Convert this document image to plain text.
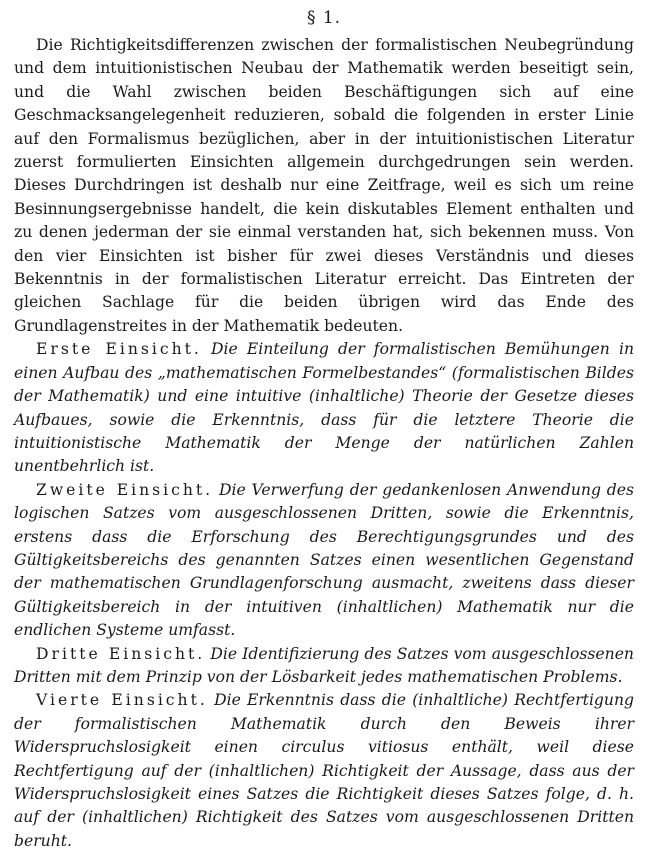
§ 1.

Die Richtigkeitsdifferenzen zwischen der formalistischen Neubegründung und dem intuitionistischen Neubau der Mathematik werden beseitigt sein, und die Wahl zwischen beiden Beschäftigungen sich auf eine Geschmacksangelegenheit reduzieren, sobald die folgenden in erster Linie auf den Formalismus bezüglichen, aber in der intuitionistischen Literatur zuerst formulierten Einsichten allgemein durchgedrungen sein werden. Dieses Durchdringen ist deshalb nur eine Zeitfrage, weil es sich um reine Besinnungsergebnisse handelt, die kein diskutables Element enthalten und zu denen jederman der sie einmal verstanden hat, sich bekennen muss. Von den vier Einsichten ist bisher für zwei dieses Verständnis und dieses Bekenntnis in der formalistischen Literatur erreicht. Das Eintreten der gleichen Sachlage für die beiden übrigen wird das Ende des Grundlagenstreites in der Mathematik bedeuten.

Erste Einsicht. Die Einteilung der formalistischen Bemühungen in einen Aufbau des „mathematischen Formelbestandes“ (formalistischen Bildes der Mathematik) und eine intuitive (inhaltliche) Theorie der Gesetze dieses Aufbaues, sowie die Erkenntnis, dass für die letztere Theorie die intuitionistische Mathematik der Menge der natürlichen Zahlen unentbehrlich ist.

Zweite Einsicht. Die Verwerfung der gedankenlosen Anwendung des logischen Satzes vom ausgeschlossenen Dritten, sowie die Erkenntnis, erstens dass die Erforschung des Berechtigungsgrundes und des Gültigkeitsbereichs des genannten Satzes einen wesentlichen Gegenstand der mathematischen Grundlagenforschung ausmacht, zweitens dass dieser Gültigkeitsbereich in der intuitiven (inhaltlichen) Mathematik nur die endlichen Systeme umfasst.

Dritte Einsicht. Die Identifizierung des Satzes vom ausgeschlossenen Dritten mit dem Prinzip von der Lösbarkeit jedes mathematischen Problems.

Vierte Einsicht. Die Erkenntnis dass die (inhaltliche) Rechtfertigung der formalistischen Mathematik durch den Beweis ihrer Widerspruchslosigkeit einen circulus vitiosus enthält, weil diese Rechtfertigung auf der (inhaltlichen) Richtigkeit der Aussage, dass aus der Widerspruchslosigkeit eines Satzes die Richtigkeit dieses Satzes folge, d. h. auf der (inhaltlichen) Richtigkeit des Satzes vom ausgeschlossenen Dritten beruht.
